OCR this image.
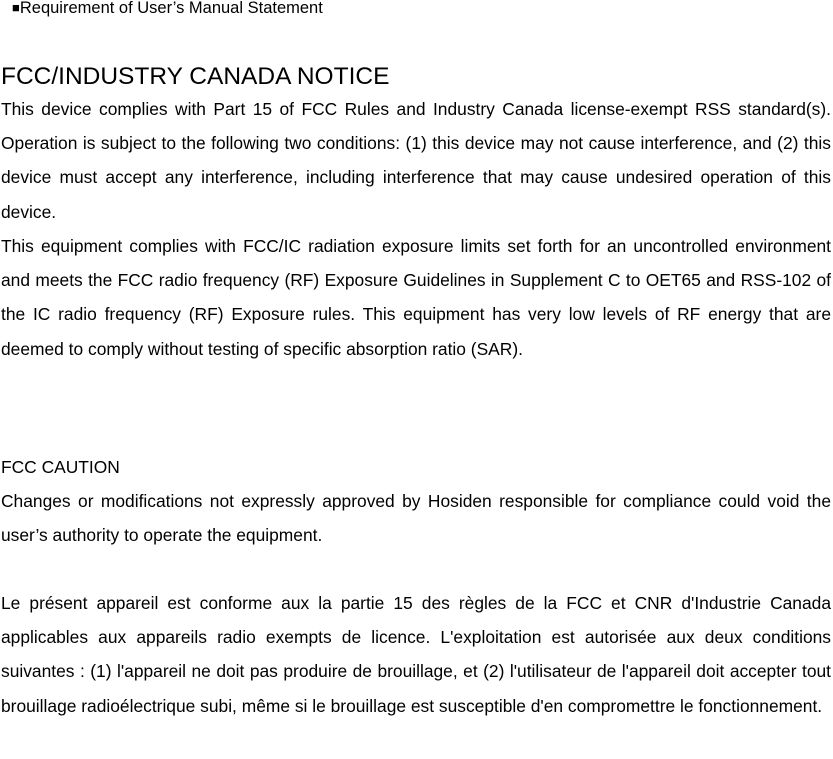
■Requirement of User’s Manual Statement
FCC/INDUSTRY CANADA NOTICE
This device complies with Part 15 of FCC Rules and Industry Canada license-exempt RSS standard(s). Operation is subject to the following two conditions: (1) this device may not cause interference, and (2) this device must accept any interference, including interference that may cause undesired operation of this device.
This equipment complies with FCC/IC radiation exposure limits set forth for an uncontrolled environment and meets the FCC radio frequency (RF) Exposure Guidelines in Supplement C to OET65 and RSS-102 of the IC radio frequency (RF) Exposure rules. This equipment has very low levels of RF energy that are deemed to comply without testing of specific absorption ratio (SAR).
FCC CAUTION
Changes or modifications not expressly approved by Hosiden responsible for compliance could void the user’s authority to operate the equipment.
Le présent appareil est conforme aux la partie 15 des règles de la FCC et CNR d'Industrie Canada applicables aux appareils radio exempts de licence. L'exploitation est autorisée aux deux conditions suivantes : (1) l'appareil ne doit pas produire de brouillage, et (2) l'utilisateur de l'appareil doit accepter tout brouillage radioélectrique subi, même si le brouillage est susceptible d'en compromettre le fonctionnement.
